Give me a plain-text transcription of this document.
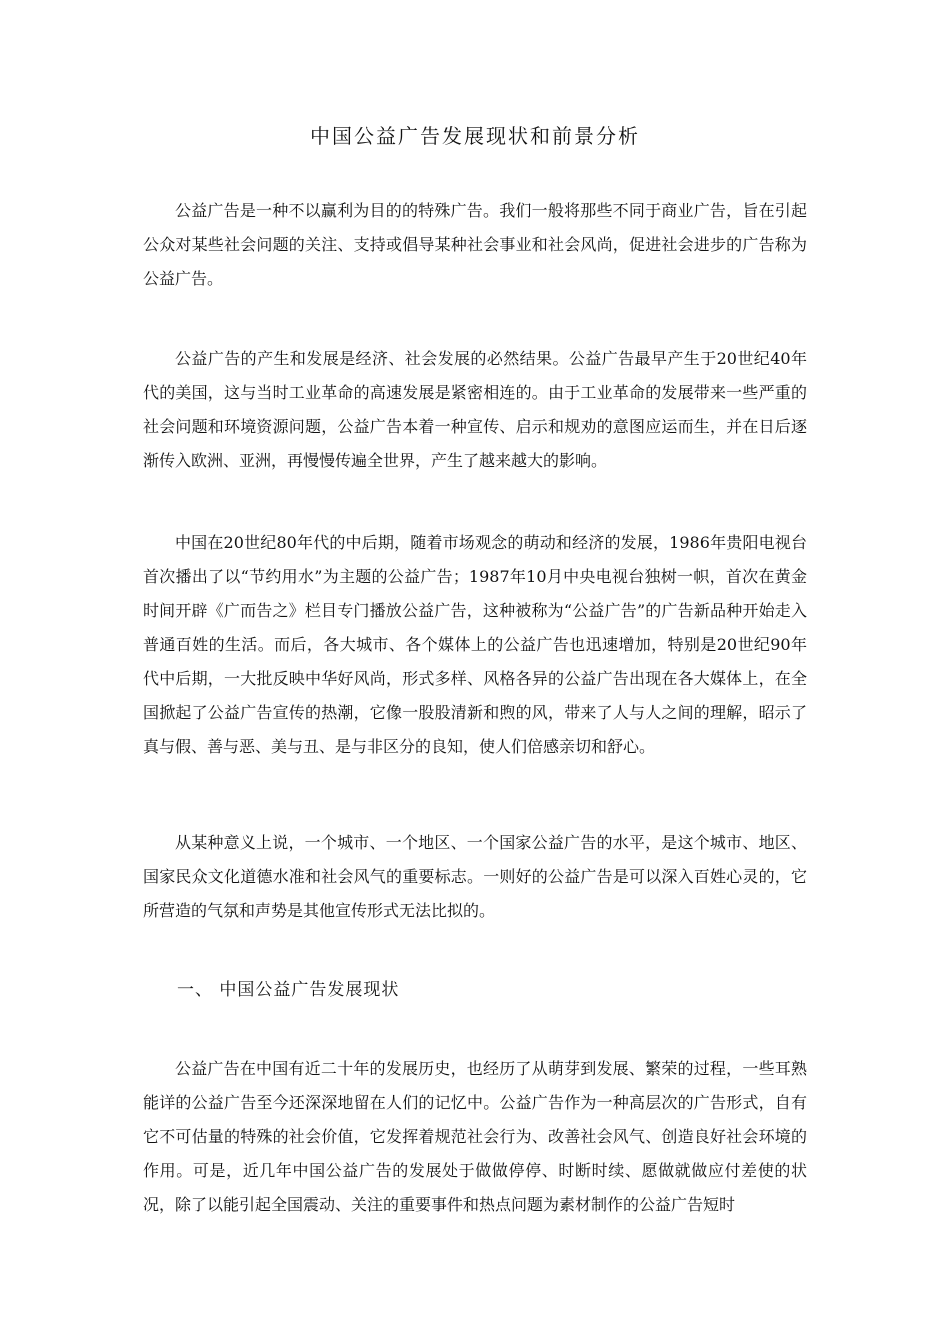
中国公益广告发展现状和前景分析

公益广告是一种不以赢利为目的的特殊广告。我们一般将那些不同于商业广告，旨在引起公众对某些社会问题的关注、支持或倡导某种社会事业和社会风尚，促进社会进步的广告称为公益广告。

公益广告的产生和发展是经济、社会发展的必然结果。公益广告最早产生于20世纪40年代的美国，这与当时工业革命的高速发展是紧密相连的。由于工业革命的发展带来一些严重的社会问题和环境资源问题，公益广告本着一种宣传、启示和规劝的意图应运而生，并在日后逐渐传入欧洲、亚洲，再慢慢传遍全世界，产生了越来越大的影响。

中国在20世纪80年代的中后期，随着市场观念的萌动和经济的发展，1986年贵阳电视台首次播出了以“节约用水”为主题的公益广告；1987年10月中央电视台独树一帜，首次在黄金时间开辟《广而告之》栏目专门播放公益广告，这种被称为“公益广告”的广告新品种开始走入普通百姓的生活。而后，各大城市、各个媒体上的公益广告也迅速增加，特别是20世纪90年代中后期，一大批反映中华好风尚，形式多样、风格各异的公益广告出现在各大媒体上，在全国掀起了公益广告宣传的热潮，它像一股股清新和煦的风，带来了人与人之间的理解，昭示了真与假、善与恶、美与丑、是与非区分的良知，使人们倍感亲切和舒心。

从某种意义上说，一个城市、一个地区、一个国家公益广告的水平，是这个城市、地区、国家民众文化道德水准和社会风气的重要标志。一则好的公益广告是可以深入百姓心灵的，它所营造的气氛和声势是其他宣传形式无法比拟的。

一、 中国公益广告发展现状

公益广告在中国有近二十年的发展历史，也经历了从萌芽到发展、繁荣的过程，一些耳熟能详的公益广告至今还深深地留在人们的记忆中。公益广告作为一种高层次的广告形式，自有它不可估量的特殊的社会价值，它发挥着规范社会行为、改善社会风气、创造良好社会环境的作用。可是，近几年中国公益广告的发展处于做做停停、时断时续、愿做就做应付差使的状况，除了以能引起全国震动、关注的重要事件和热点问题为素材制作的公益广告短时
